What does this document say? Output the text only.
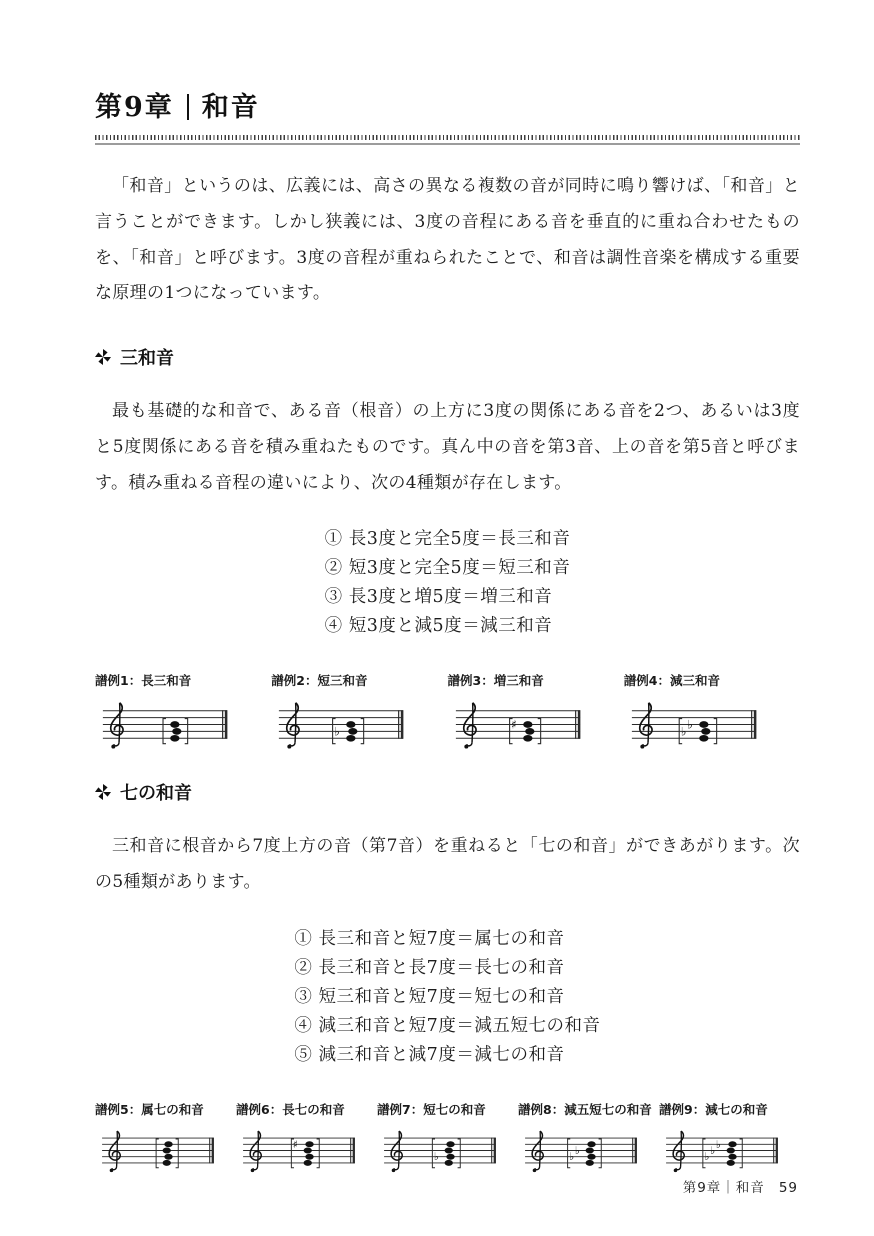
第9章 和音

「和音」というのは、広義には、高さの異なる複数の音が同時に鳴り響けば、「和音」と言うことができます。しかし狭義には、3度の音程にある音を垂直的に重ね合わせたものを、「和音」と呼びます。3度の音程が重ねられたことで、和音は調性音楽を構成する重要な原理の1つになっています。

三和音

最も基礎的な和音で、ある音（根音）の上方に3度の関係にある音を2つ、あるいは3度と5度関係にある音を積み重ねたものです。真ん中の音を第3音、上の音を第5音と呼びます。積み重ねる音程の違いにより、次の4種類が存在します。

① 長3度と完全5度＝長三和音
② 短3度と完全5度＝短三和音
③ 長3度と増5度＝増三和音
④ 短3度と減5度＝減三和音
譜例1：長三和音	譜例2：短三和音
♭
譜例3：増三和音
♯
譜例4：減三和音
♭
♭
七の和音

三和音に根音から7度上方の音（第7音）を重ねると「七の和音」ができあがります。次の5種類があります。

① 長三和音と短7度＝属七の和音
② 長三和音と長7度＝長七の和音
③ 短三和音と短7度＝短七の和音
④ 減三和音と短7度＝減五短七の和音
⑤ 減三和音と減7度＝減七の和音
譜例5：属七の和音	譜例6：長七の和音
♯
譜例7：短七の和音
♭
譜例8：減五短七の和音
♭
♭
譜例9：減七の和音
♭
♭
♭
第9章｜和音 59
